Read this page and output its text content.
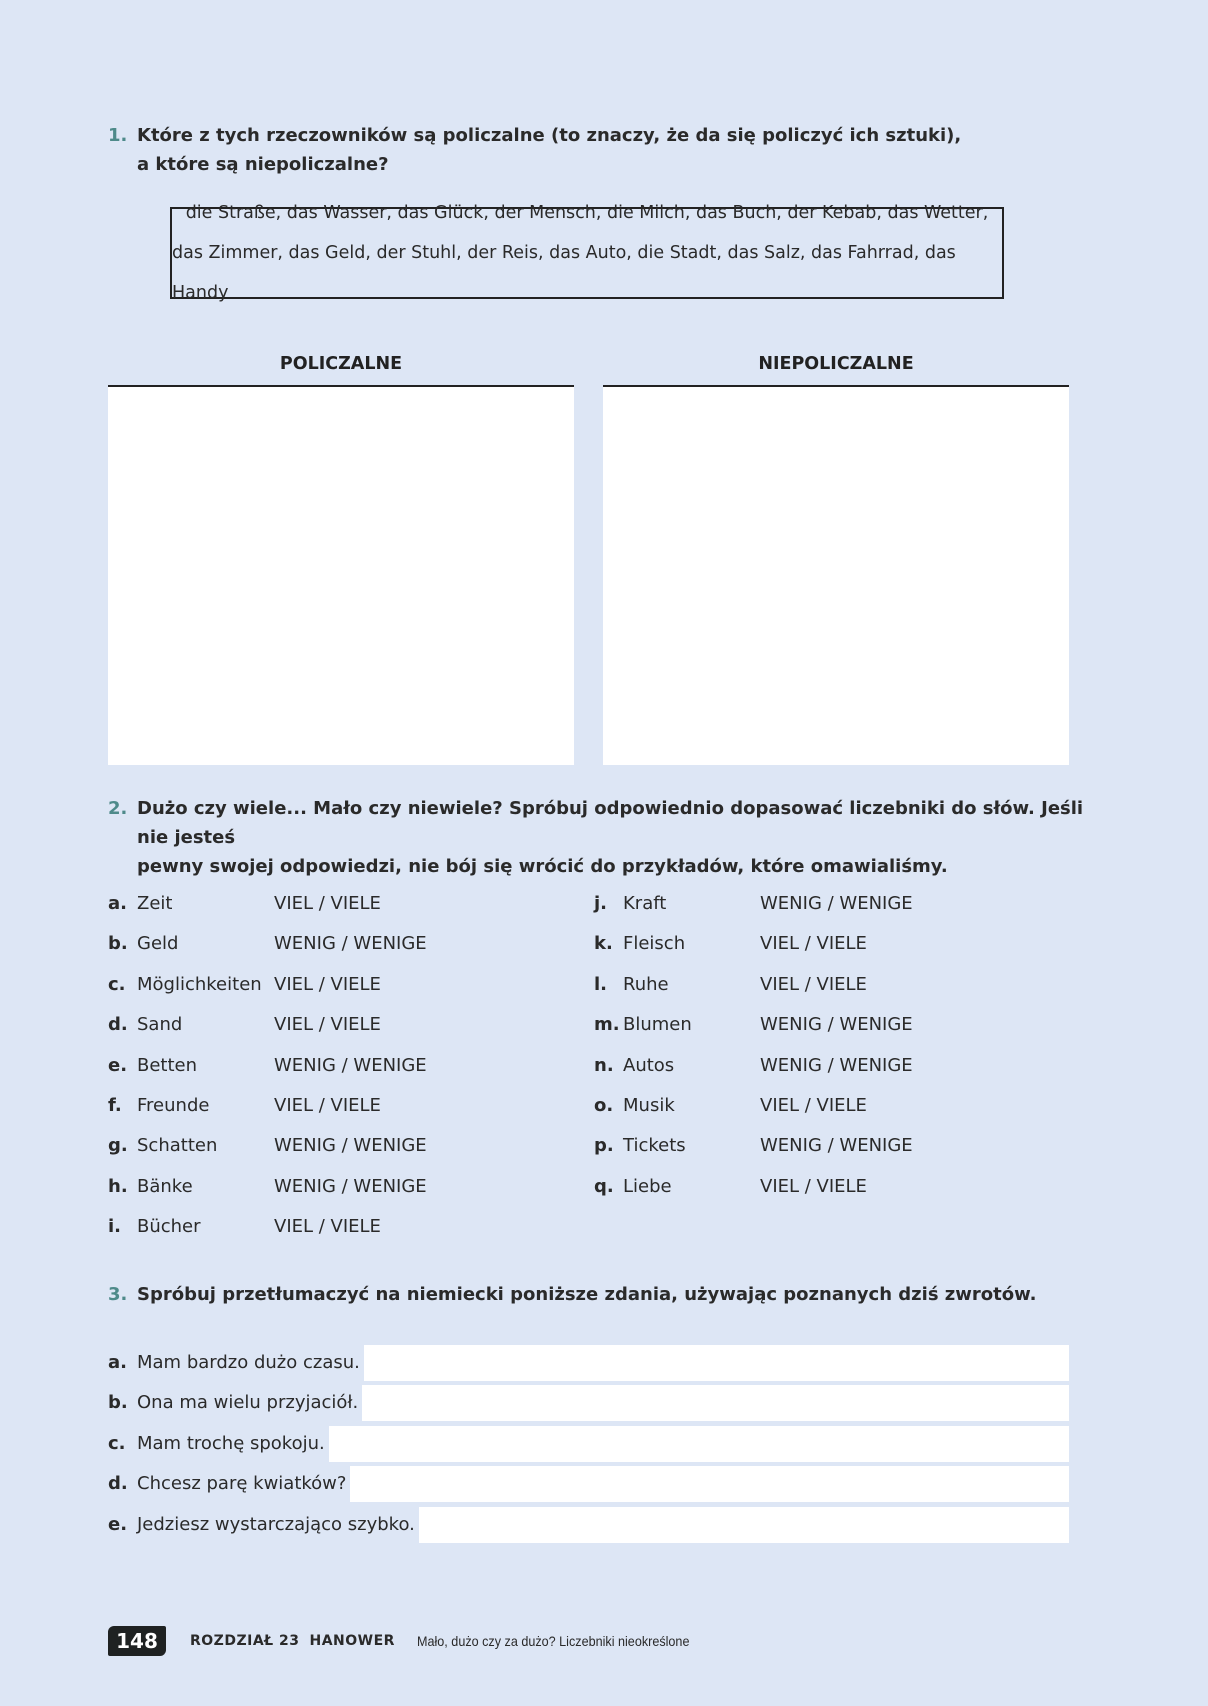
1. Które z tych rzeczowników są policzalne (to znaczy, że da się policzyć ich sztuki),
a które są niepoliczalne?
die Straße, das Wasser, das Glück, der Mensch, die Milch, das Buch, der Kebab, das Wetter,
das Zimmer, das Geld, der Stuhl, der Reis, das Auto, die Stadt, das Salz, das Fahrrad, das Handy
POLICZALNE	NIEPOLICZALNE
2. Dużo czy wiele... Mało czy niewiele? Spróbuj odpowiednio dopasować liczebniki do słów. Jeśli nie jesteś
pewny swojej odpowiedzi, nie bój się wrócić do przykładów, które omawialiśmy.
a. Zeit	VIEL / VIELE
b. Geld	WENIG / WENIGE
c. Möglichkeiten VIEL / VIELE
d. Sand	VIEL / VIELE
e. Betten	WENIG / WENIGE
f. Freunde	VIEL / VIELE
g. Schatten	WENIG / WENIGE
h. Bänke	WENIG / WENIGE
i. Bücher	VIEL / VIELE
j. Kraft	WENIG / WENIGE
k. Fleisch	VIEL / VIELE
l. Ruhe	VIEL / VIELE
m. Blumen	WENIG / WENIGE
n. Autos	WENIG / WENIGE
o. Musik	VIEL / VIELE
p. Tickets	WENIG / WENIGE
q. Liebe	VIEL / VIELE
3. Spróbuj przetłumaczyć na niemiecki poniższe zdania, używając poznanych dziś zwrotów.
a. Mam bardzo dużo czasu.
b. Ona ma wielu przyjaciół.
c. Mam trochę spokoju.
d. Chcesz parę kwiatków?
e. Jedziesz wystarczająco szybko.
148	ROZDZIAŁ 23 HANOWER Mało, dużo czy za dużo? Liczebniki nieokreślone
